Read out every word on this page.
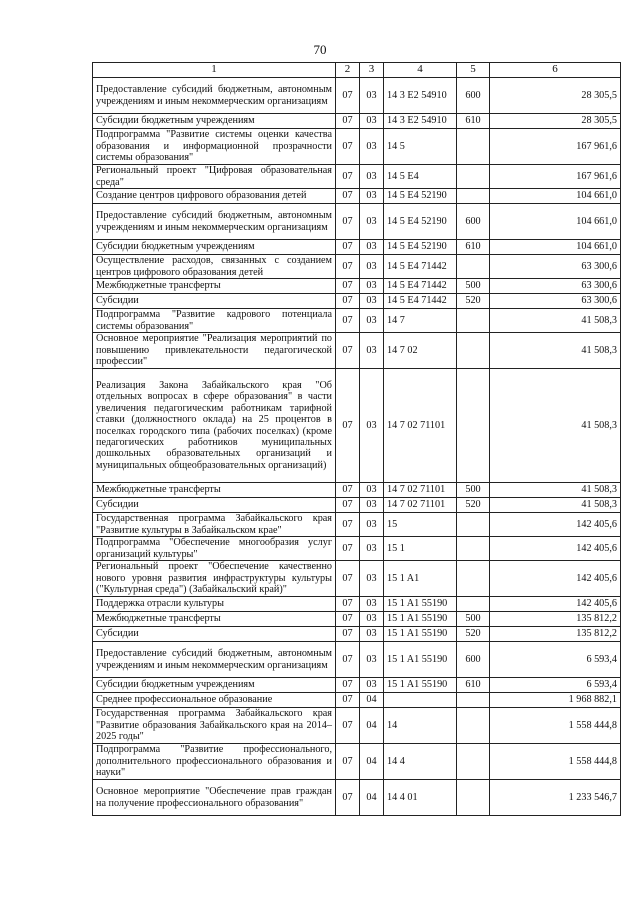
70
1	2	3	4	5	6
Предоставление субсидий бюджетным, автономным учреждениям и иным некоммерческим организациям	07	03	14 3 E2 54910	600	28 305,5
Субсидии бюджетным учреждениям	07	03	14 3 E2 54910	610	28 305,5
Подпрограмма "Развитие системы оценки качества образования и информационной прозрачности системы образования"	07	03	14 5		167 961,6
Региональный проект "Цифровая образовательная среда"	07	03	14 5 E4		167 961,6
Создание центров цифрового образования детей	07	03	14 5 E4 52190		104 661,0
Предоставление субсидий бюджетным, автономным учреждениям и иным некоммерческим организациям	07	03	14 5 E4 52190	600	104 661,0
Субсидии бюджетным учреждениям	07	03	14 5 E4 52190	610	104 661,0
Осуществление расходов, связанных с созданием центров цифрового образования детей	07	03	14 5 E4 71442		63 300,6
Межбюджетные трансферты	07	03	14 5 E4 71442	500	63 300,6
Субсидии	07	03	14 5 E4 71442	520	63 300,6
Подпрограмма "Развитие кадрового потенциала системы образования"	07	03	14 7		41 508,3
Основное мероприятие "Реализация мероприятий по повышению привлекательности педагогической профессии"	07	03	14 7 02		41 508,3
Реализация Закона Забайкальского края "Об отдельных вопросах в сфере образования" в части увеличения педагогическим работникам тарифной ставки (должностного оклада) на 25 процентов в поселках городского типа (рабочих поселках) (кроме педагогических работников муниципальных дошкольных образовательных организаций и муниципальных общеобразовательных организаций)	07	03	14 7 02 71101		41 508,3
Межбюджетные трансферты	07	03	14 7 02 71101	500	41 508,3
Субсидии	07	03	14 7 02 71101	520	41 508,3
Государственная программа Забайкальского края "Развитие культуры в Забайкальском крае"	07	03	15		142 405,6
Подпрограмма "Обеспечение многообразия услуг организаций культуры"	07	03	15 1		142 405,6
Региональный проект "Обеспечение качественно нового уровня развития инфраструктуры культуры ("Культурная среда") (Забайкальский край)"	07	03	15 1 A1		142 405,6
Поддержка отрасли культуры	07	03	15 1 A1 55190		142 405,6
Межбюджетные трансферты	07	03	15 1 A1 55190	500	135 812,2
Субсидии	07	03	15 1 A1 55190	520	135 812,2
Предоставление субсидий бюджетным, автономным учреждениям и иным некоммерческим организациям	07	03	15 1 A1 55190	600	6 593,4
Субсидии бюджетным учреждениям	07	03	15 1 A1 55190	610	6 593,4
Среднее профессиональное образование	07	04			1 968 882,1
Государственная программа Забайкальского края "Развитие образования Забайкальского края на 2014–2025 годы"	07	04	14		1 558 444,8
Подпрограмма "Развитие профессионального, дополнительного профессионального образования и науки"	07	04	14 4		1 558 444,8
Основное мероприятие "Обеспечение прав граждан на получение профессионального образования"	07	04	14 4 01		1 233 546,7
